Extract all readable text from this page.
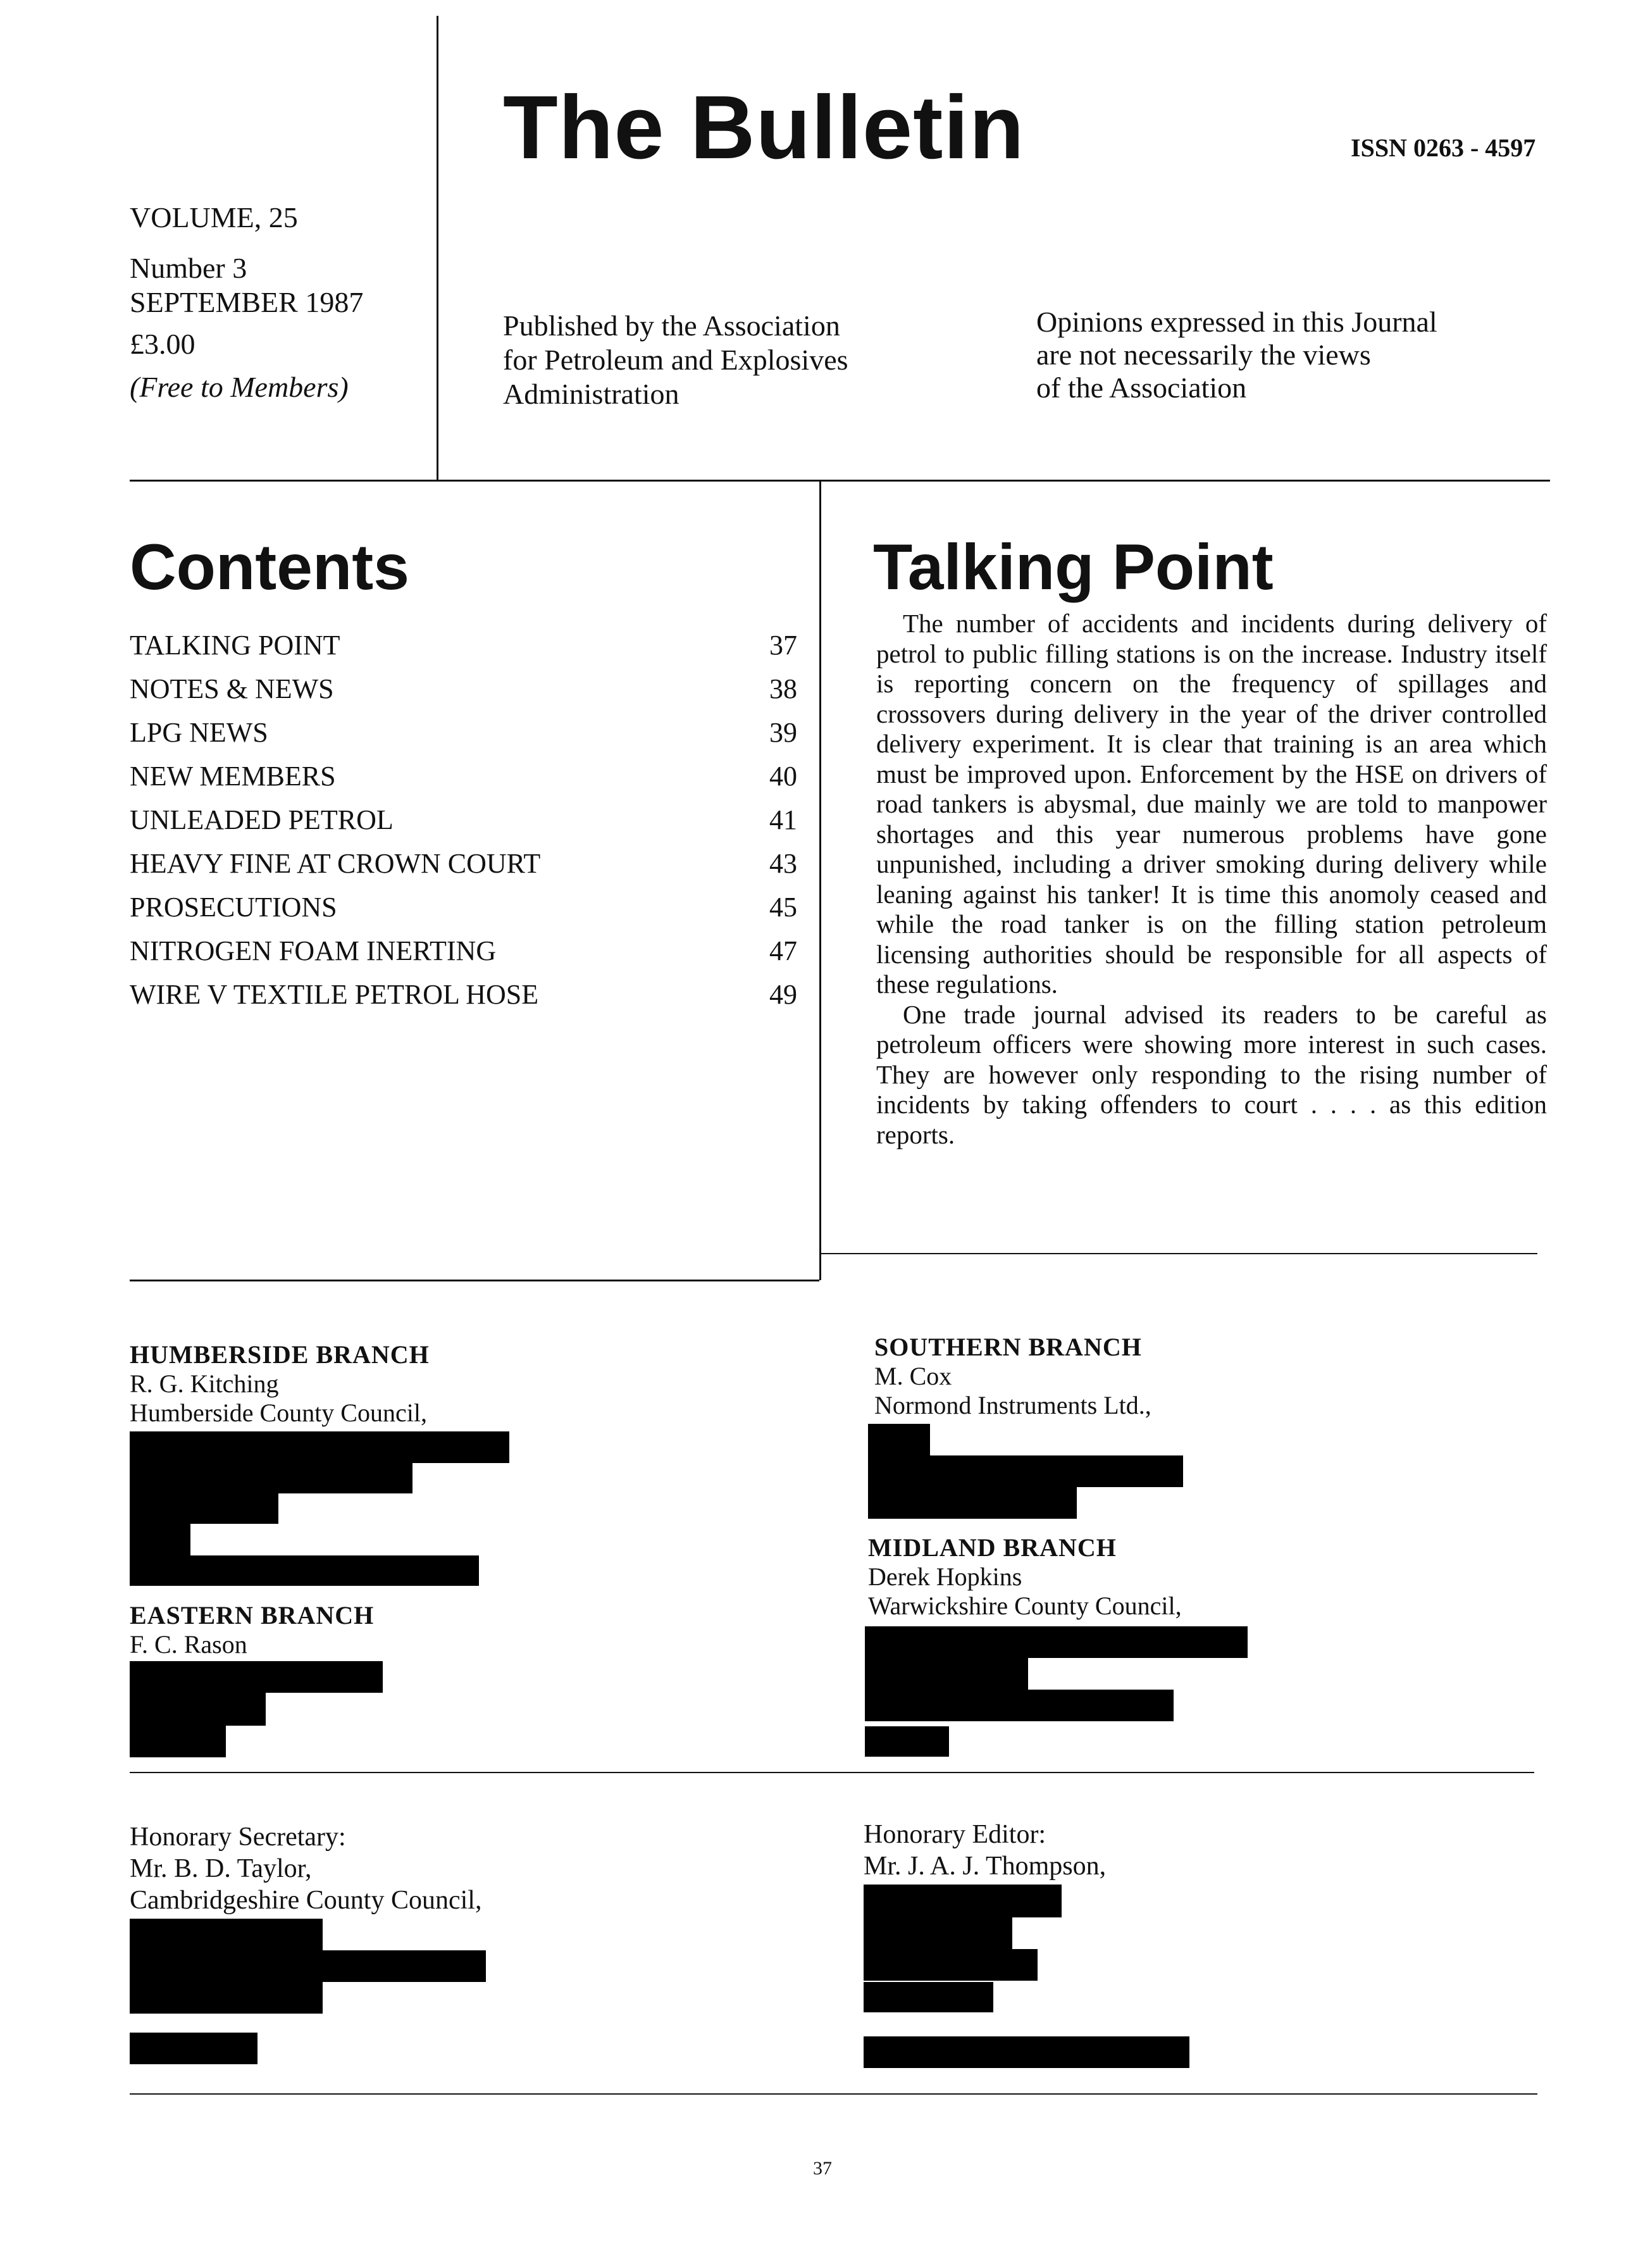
The Bulletin	ISSN 0263 - 4597
VOLUME, 25
Number 3
SEPTEMBER 1987
£3.00
(Free to Members)
Published by the Association
for Petroleum and Explosives
Administration
Opinions expressed in this Journal
are not necessarily the views
of the Association
Contents
TALKING POINT	37
NOTES & NEWS	38
LPG NEWS	39
NEW MEMBERS	40
UNLEADED PETROL	41
HEAVY FINE AT CROWN COURT	43
PROSECUTIONS	45
NITROGEN FOAM INERTING	47
WIRE V TEXTILE PETROL HOSE	49
Talking Point

The number of accidents and incidents during delivery of petrol to public filling stations is on the increase. Industry itself is reporting concern on the frequency of spillages and crossovers during delivery in the year of the driver controlled delivery experiment. It is clear that training is an area which must be improved upon. Enforcement by the HSE on drivers of road tankers is abysmal, due mainly we are told to manpower shortages and this year numerous problems have gone unpunished, including a driver smoking during delivery while leaning against his tanker! It is time this anomoly ceased and while the road tanker is on the filling station petroleum licensing authorities should be responsible for all aspects of these regulations.

One trade journal advised its readers to be careful as petroleum officers were showing more interest in such cases. They are however only responding to the rising number of incidents by taking offenders to court . . . . as this edition reports.

HUMBERSIDE BRANCH
R. G. Kitching
Humberside County Council,
EASTERN BRANCH
F. C. Rason
SOUTHERN BRANCH
M. Cox
Normond Instruments Ltd.,
MIDLAND BRANCH
Derek Hopkins
Warwickshire County Council,
Honorary Secretary:
Mr. B. D. Taylor,
Cambridgeshire County Council,
Honorary Editor:
Mr. J. A. J. Thompson,
37
